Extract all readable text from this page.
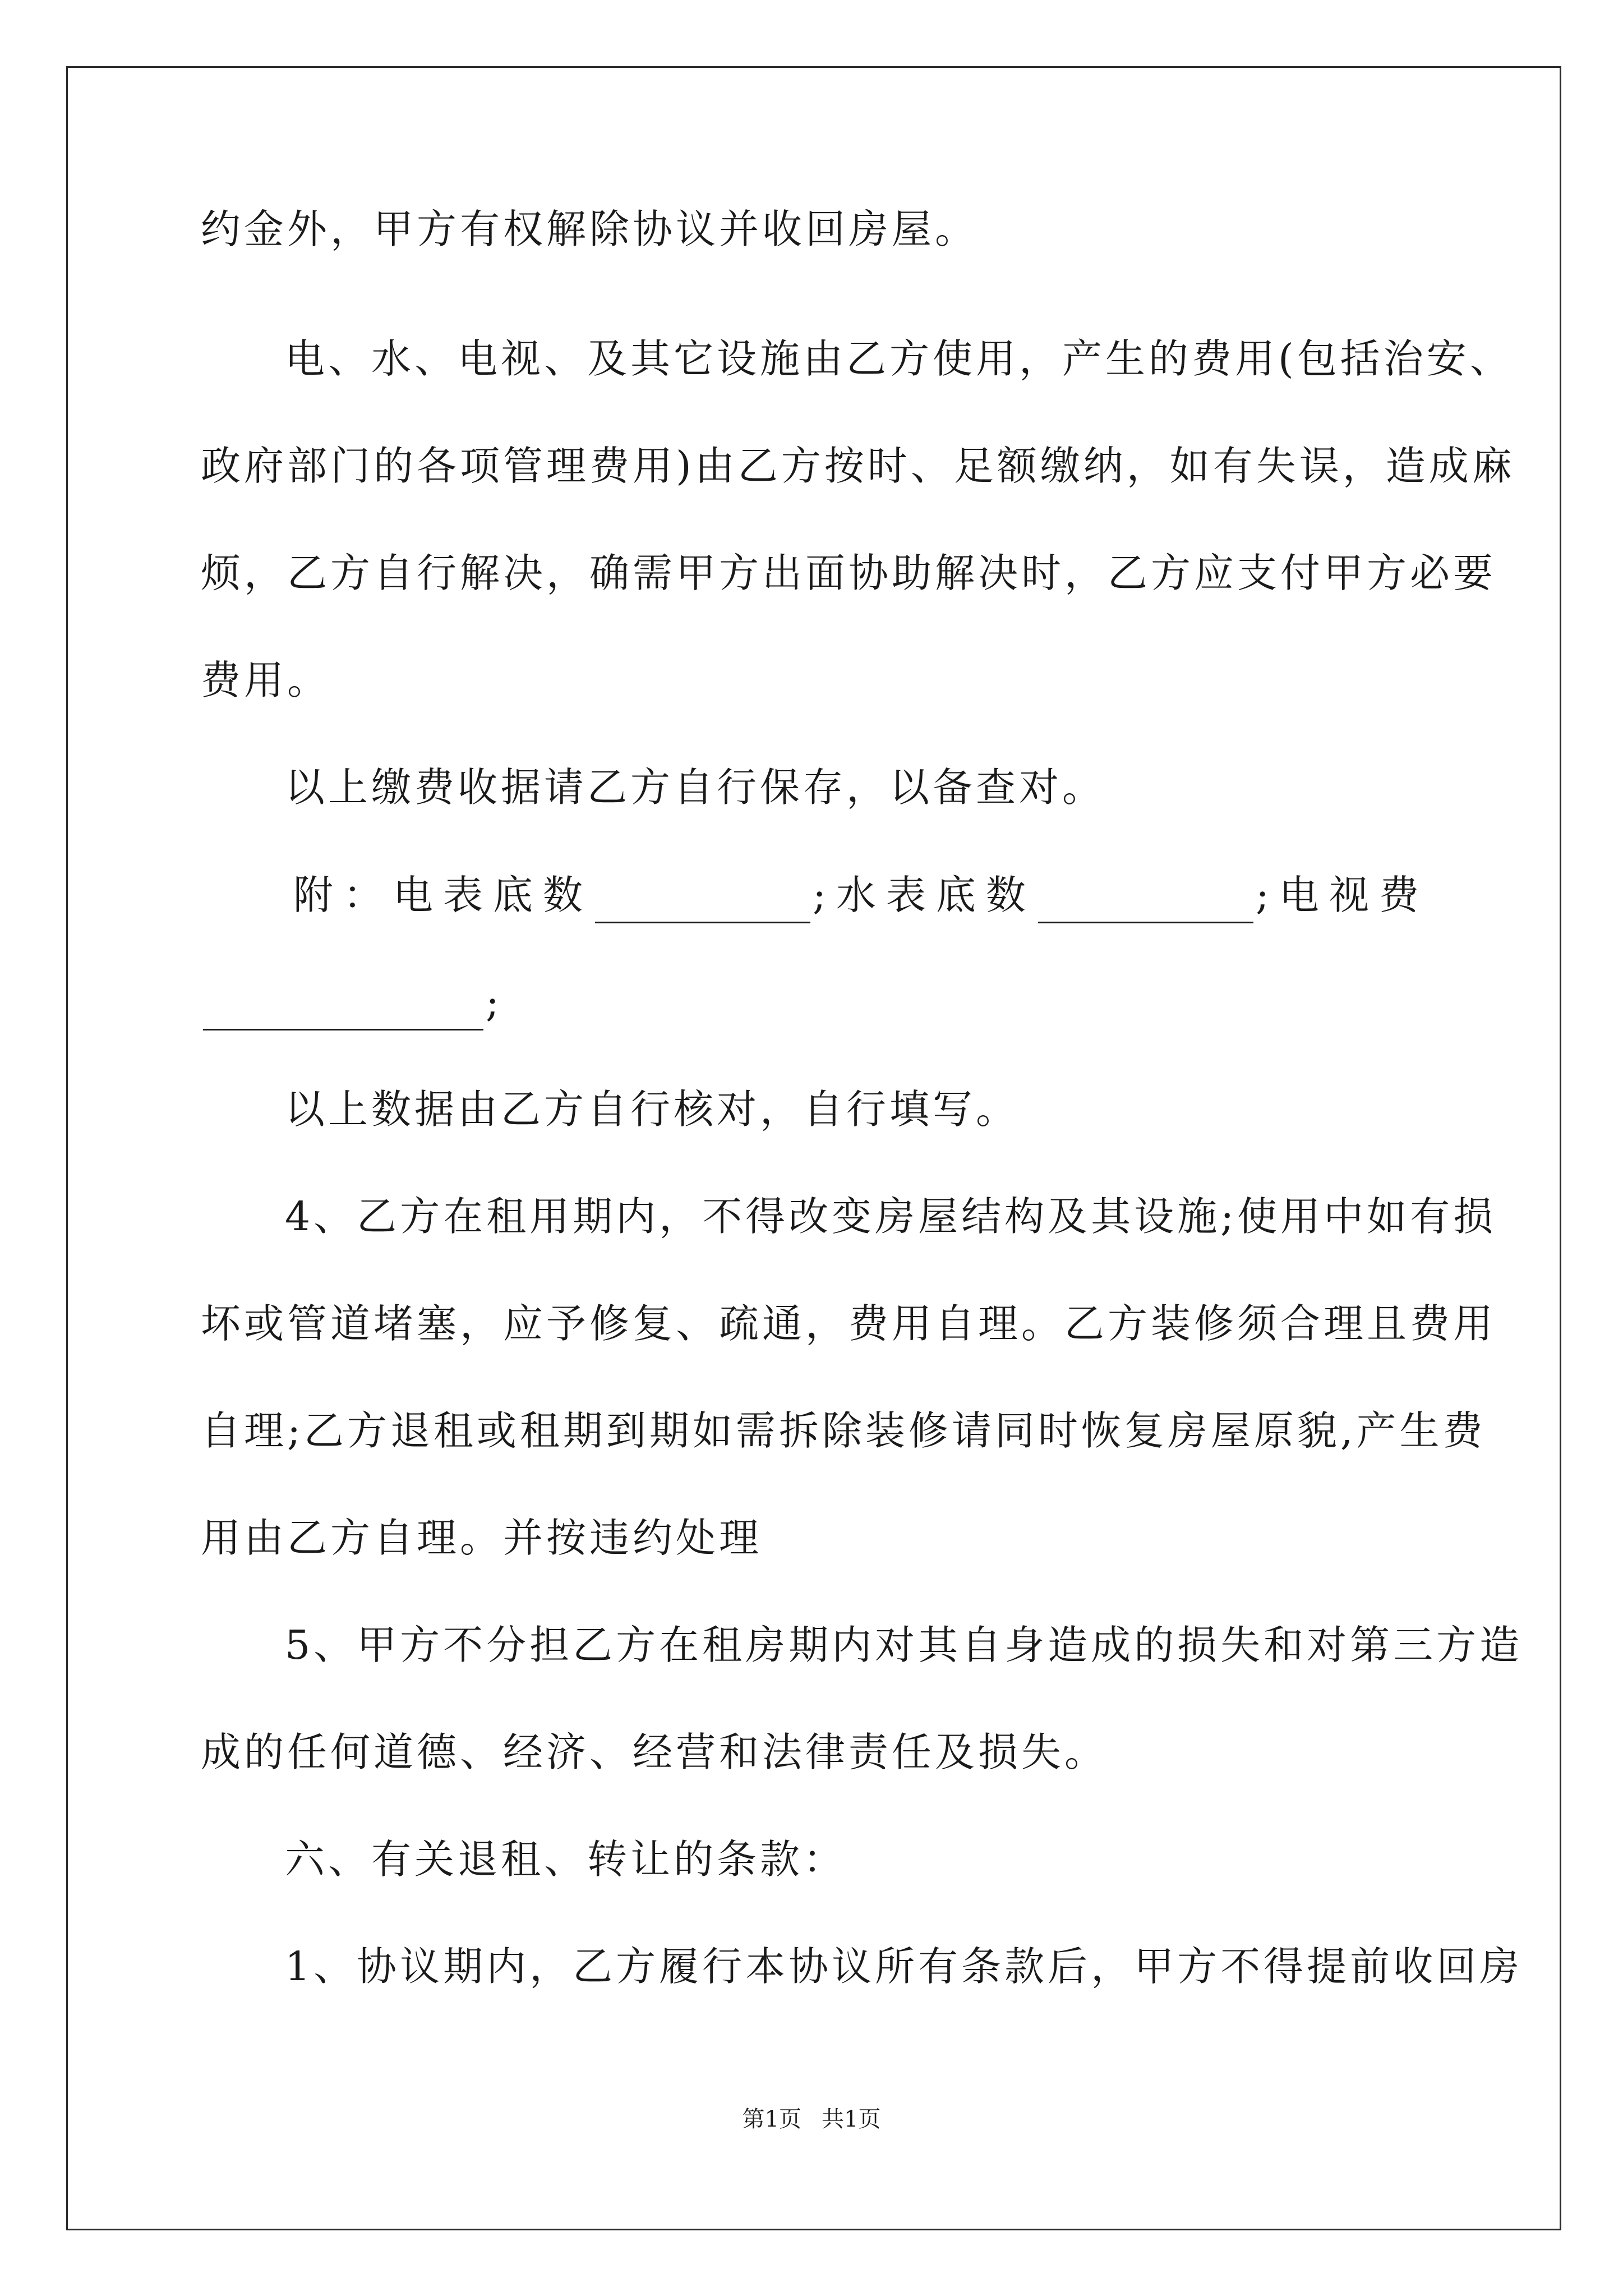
约金外，甲方有权解除协议并收回房屋。
电、水、电视、及其它设施由乙方使用，产生的费用(包括治安、
政府部门的各项管理费用)由乙方按时、足额缴纳，如有失误，造成麻
烦，乙方自行解决，确需甲方出面协助解决时，乙方应支付甲方必要
费用。
以上缴费收据请乙方自行保存，以备查对。
附：电表底数	;水表底数	;电视费
;
以上数据由乙方自行核对，自行填写。
4、乙方在租用期内，不得改变房屋结构及其设施;使用中如有损
坏或管道堵塞，应予修复、疏通，费用自理。乙方装修须合理且费用
自理;乙方退租或租期到期如需拆除装修请同时恢复房屋原貌,产生费
用由乙方自理。并按违约处理
5、甲方不分担乙方在租房期内对其自身造成的损失和对第三方造
成的任何道德、经济、经营和法律责任及损失。
六、有关退租、转让的条款：
1、协议期内，乙方履行本协议所有条款后，甲方不得提前收回房
第1页 共1页
